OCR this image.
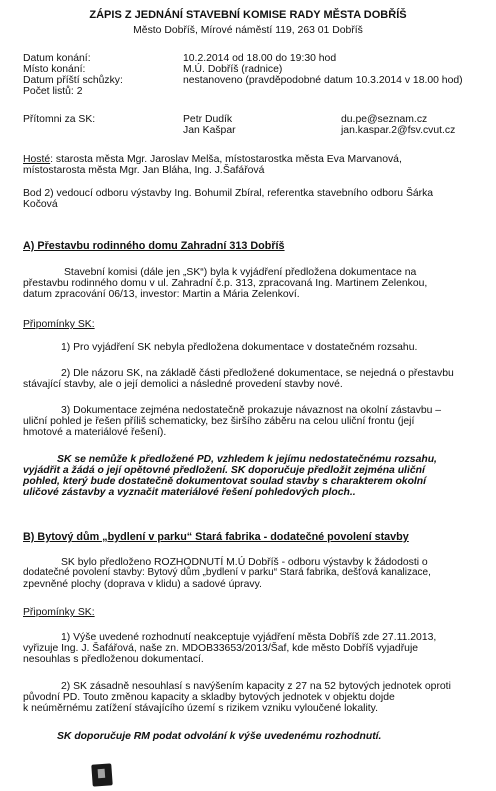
ZÁPIS Z JEDNÁNÍ STAVEBNÍ KOMISE RADY MĚSTA DOBŘÍŠ
Město Dobříš, Mírové náměstí 119, 263 01 Dobříš
Datum konání:	10.2.2014 od 18.00 do 19:30 hod
Místo konání:	M.Ú. Dobříš (radnice)
Datum příští schůzky:	nestanoveno (pravděpodobné datum 10.3.2014 v 18.00 hod)
Počet listů: 2
Přítomni za SK:	Petr Dudík	du.pe@seznam.cz
Jan Kašpar	jan.kaspar.2@fsv.cvut.cz
Hosté: starosta města Mgr. Jaroslav Melša, místostarostka města Eva Marvanová,
místostarosta města Mgr. Jan Bláha, Ing. J.Šafářová
Bod 2) vedoucí odboru výstavby Ing. Bohumil Zbíral, referentka stavebního odboru Šárka
Kočová
A) Přestavbu rodinného domu Zahradní 313 Dobříš
Stavební komisi (dále jen „SK“) byla k vyjádření předložena dokumentace na
přestavbu rodinného domu v ul. Zahradní č.p. 313, zpracovaná Ing. Martinem Zelenkou,
datum zpracování 06/13, investor: Martin a Mária Zelenkoví.
Připomínky SK:
1) Pro vyjádření SK nebyla předložena dokumentace v dostatečném rozsahu.
2) Dle názoru SK, na základě části předložené dokumentace, se nejedná o přestavbu
stávající stavby, ale o její demolici a následné provedení stavby nové.
3) Dokumentace zejména nedostatečně prokazuje návaznost na okolní zástavbu –
uliční pohled je řešen příliš schematicky, bez širšího záběru na celou uliční frontu (její
hmotové a materiálové řešení).
SK se nemůže k předložené PD, vzhledem k jejímu nedostatečnému rozsahu,
vyjádřit a žádá o její opětovné předložení. SK doporučuje předložit zejména uliční
pohled, který bude dostatečně dokumentovat soulad stavby s charakterem okolní
uličové zástavby a vyznačit materiálové řešení pohledových ploch..
B) Bytový dům „bydlení v parku“ Stará fabrika - dodatečné povolení stavby
SK bylo předloženo ROZHODNUTÍ M.Ú Dobříš - odboru výstavby k žádodosti o
dodatečné povolení stavby: Bytový dům „bydlení v parku“ Stará fabrika, dešťová kanalizace,
zpevněné plochy (doprava v klidu) a sadové úpravy.
Připomínky SK:
1) Výše uvedené rozhodnutí neakceptuje vyjádření města Dobříš zde 27.11.2013,
vyřizuje Ing. J. Šafářová, naše zn. MDOB33653/2013/Šaf, kde město Dobříš vyjadřuje
nesouhlas s předloženou dokumentací.
2) SK zásadně nesouhlasí s navýšením kapacity z 27 na 52 bytových jednotek oproti
původní PD. Touto změnou kapacity a skladby bytových jednotek v objektu dojde
k neúměrnému zatížení stávajícího území s rizikem vzniku vyloučené lokality.
SK doporučuje RM podat odvolání k výše uvedenému rozhodnutí.
